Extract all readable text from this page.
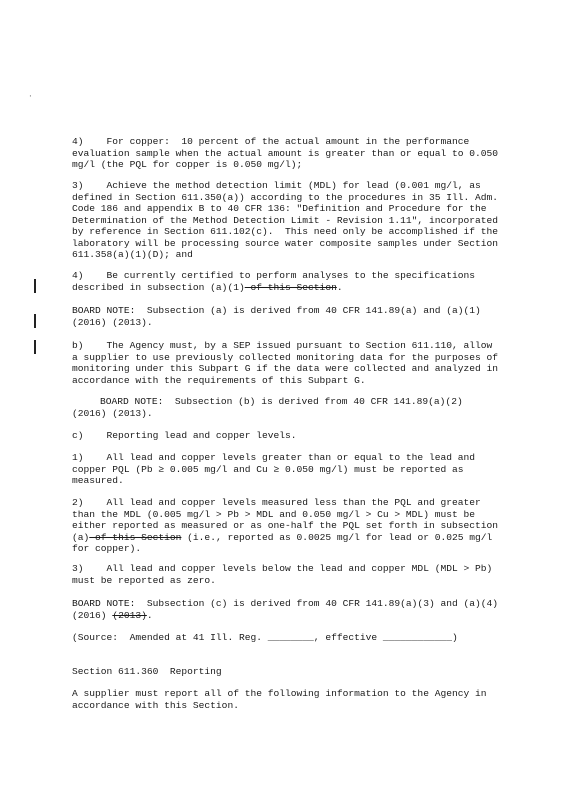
·
4)    For copper:  10 percent of the actual amount in the performance evaluation sample when the actual amount is greater than or equal to 0.050 mg/l (the PQL for copper is 0.050 mg/l);
3)    Achieve the method detection limit (MDL) for lead (0.001 mg/l, as defined in Section 611.350(a)) according to the procedures in 35 Ill. Adm. Code 186 and appendix B to 40 CFR 136: "Definition and Procedure for the Determination of the Method Detection Limit - Revision 1.11", incorporated by reference in Section 611.102(c).  This need only be accomplished if the laboratory will be processing source water composite samples under Section 611.358(a)(1)(D); and
4)    Be currently certified to perform analyses to the specifications described in subsection (a)(1) of this Section.
BOARD NOTE:  Subsection (a) is derived from 40 CFR 141.89(a) and (a)(1) (2016) (2013).
b)    The Agency must, by a SEP issued pursuant to Section 611.110, allow a supplier to use previously collected monitoring data for the purposes of monitoring under this Subpart G if the data were collected and analyzed in accordance with the requirements of this Subpart G.
BOARD NOTE:  Subsection (b) is derived from 40 CFR 141.89(a)(2) (2016) (2013).
c)    Reporting lead and copper levels.
1)    All lead and copper levels greater than or equal to the lead and copper PQL (Pb ≥ 0.005 mg/l and Cu ≥ 0.050 mg/l) must be reported as measured.
2)    All lead and copper levels measured less than the PQL and greater than the MDL (0.005 mg/l > Pb > MDL and 0.050 mg/l > Cu > MDL) must be either reported as measured or as one-half the PQL set forth in subsection (a) of this Section (i.e., reported as 0.0025 mg/l for lead or 0.025 mg/l for copper).
3)    All lead and copper levels below the lead and copper MDL (MDL > Pb) must be reported as zero.
BOARD NOTE:  Subsection (c) is derived from 40 CFR 141.89(a)(3) and (a)(4) (2016) (2013).
(Source:  Amended at 41 Ill. Reg. ________, effective ____________)
Section 611.360  Reporting
A supplier must report all of the following information to the Agency in accordance with this Section.
